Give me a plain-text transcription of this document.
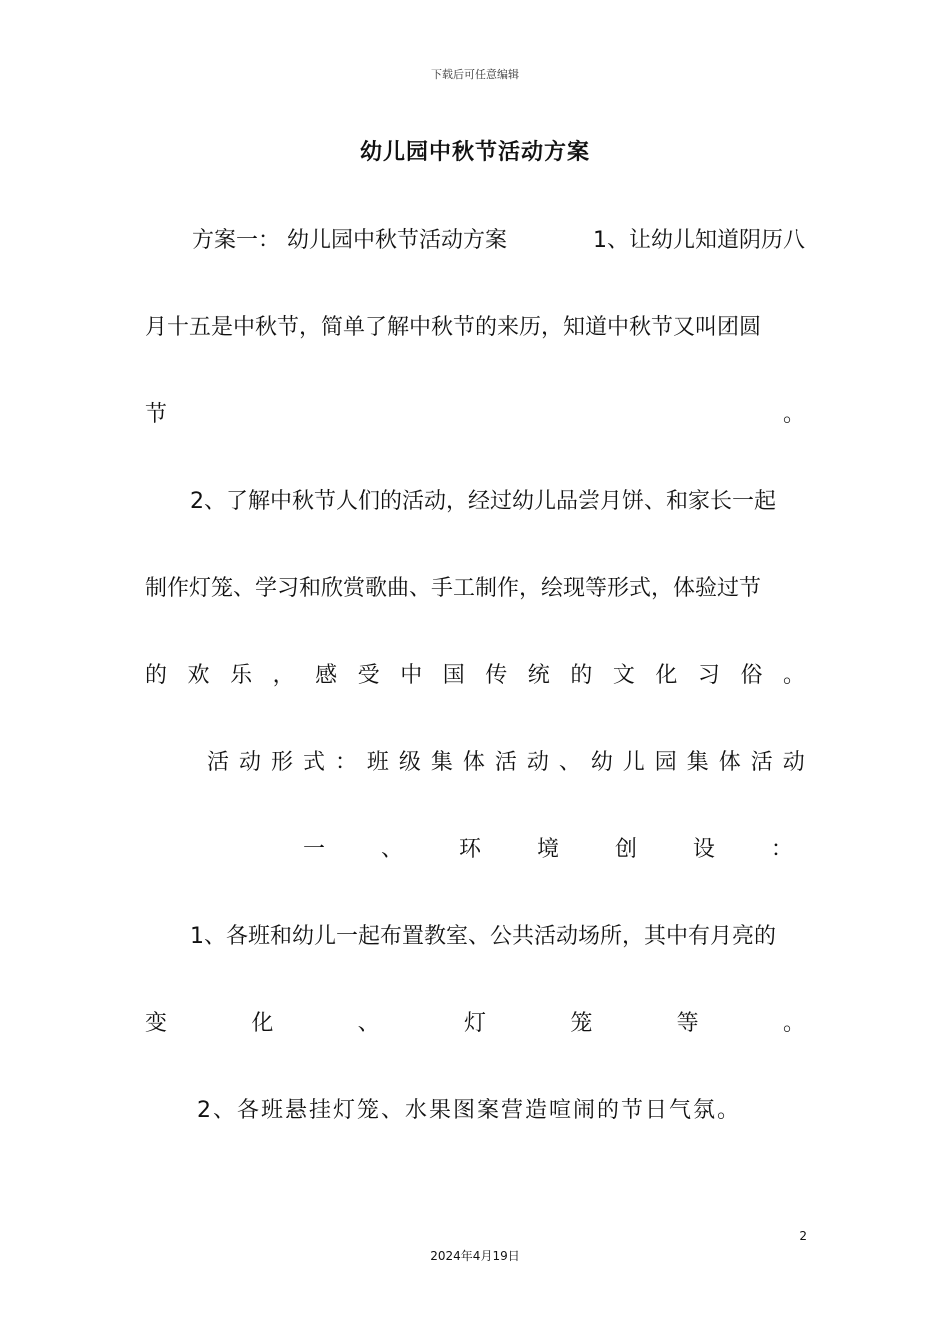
下载后可任意编辑
幼儿园中秋节活动方案
方案一： 幼儿园中秋节活动方案	1、让幼儿知道阴历八
月十五是中秋节，简单了解中秋节的来历，知道中秋节又叫团圆
节	。
2、了解中秋节人们的活动，经过幼儿品尝月饼、和家长一起
制作灯笼、学习和欣赏歌曲、手工制作，绘现等形式，体验过节
的 欢 乐 ， 感 受 中 国 传 统 的 文 化 习 俗 。
活 动 形 式 ： 班 级 集 体 活 动 、 幼 儿 园 集 体 活 动
一	、	环	境	创	设	：
1、各班和幼儿一起布置教室、公共活动场所，其中有月亮的
变	化	、	灯	笼	等	。
2、各班悬挂灯笼、水果图案营造喧闹的节日气氛。
2
2024年4月19日
